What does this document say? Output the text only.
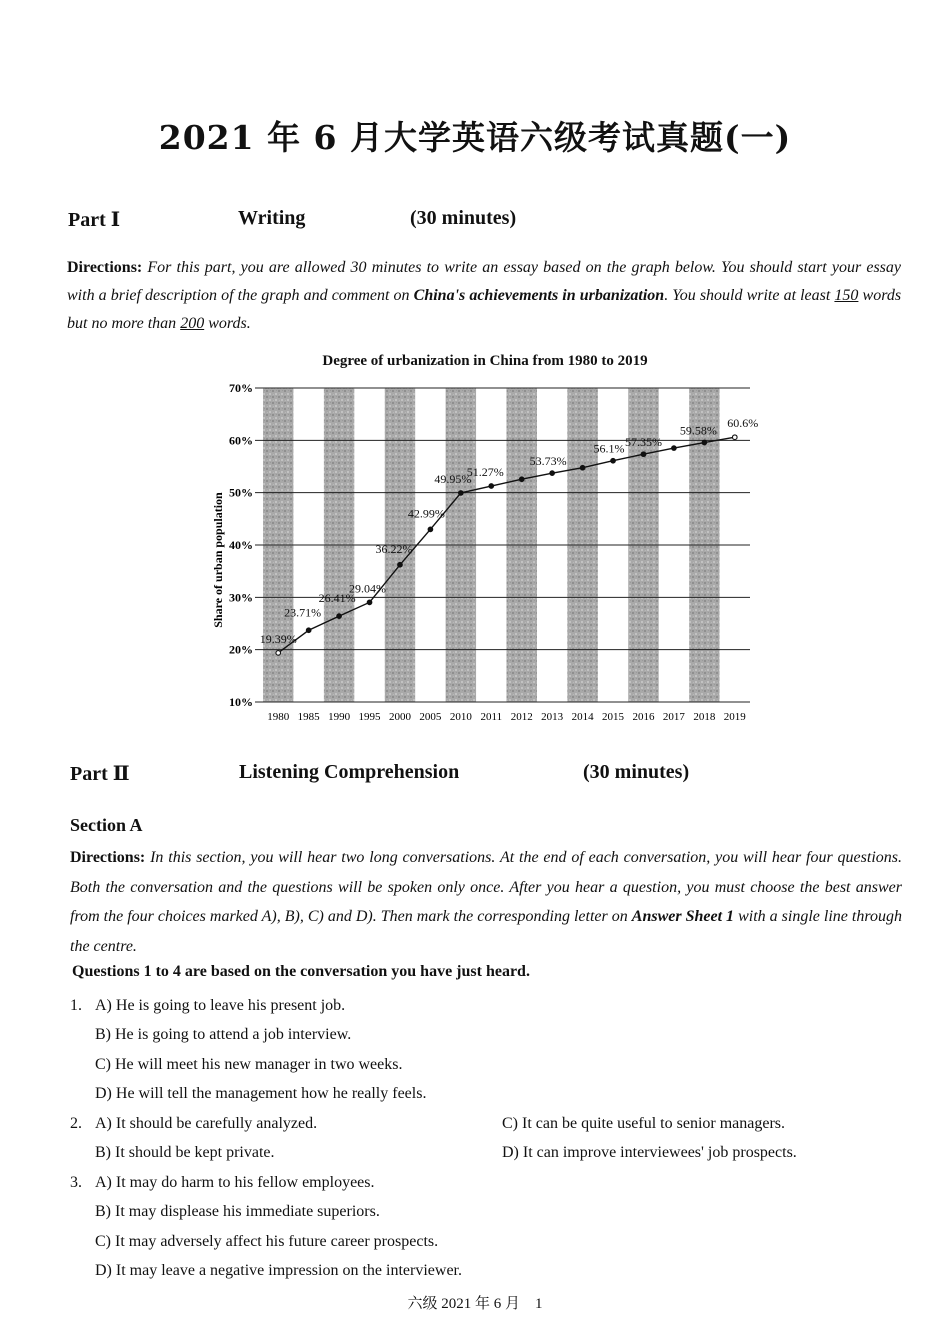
2021 年 6 月大学英语六级考试真题(一)
Part Ⅰ	Writing	(30 minutes)
Directions: For this part, you are allowed 30 minutes to write an essay based on the graph below. You should start your essay with a brief description of the graph and comment on China's achievements in urbanization. You should write at least 150 words but no more than 200 words.
Degree of urbanization in China from 1980 to 2019
10%
20%
30%
40%
50%
60%
70%
1980 1985 1990 1995 2000 2005 2010 2011 2012 2013 2014 2015 2016 2017 2018 2019
19.39%
23.71%
26.41%
29.04%
36.22%
42.99%
49.95%
51.27%
53.73%
56.1% 57.35%
59.58%
60.6%
Share of urban population
Part Ⅱ	Listening Comprehension	(30 minutes)
Section A
Directions: In this section, you will hear two long conversations. At the end of each conversation, you will hear four questions. Both the conversation and the questions will be spoken only once. After you hear a question, you must choose the best answer from the four choices marked A), B), C) and D). Then mark the corresponding letter on Answer Sheet 1 with a single line through the centre.
Questions 1 to 4 are based on the conversation you have just heard.
1. A) He is going to leave his present job.
B) He is going to attend a job interview.
C) He will meet his new manager in two weeks.
D) He will tell the management how he really feels.
2. A) It should be carefully analyzed.	C) It can be quite useful to senior managers.
B) It should be kept private.	D) It can improve interviewees' job prospects.
3. A) It may do harm to his fellow employees.
B) It may displease his immediate superiors.
C) It may adversely affect his future career prospects.
D) It may leave a negative impression on the interviewer.
六级 2021 年 6 月    1
